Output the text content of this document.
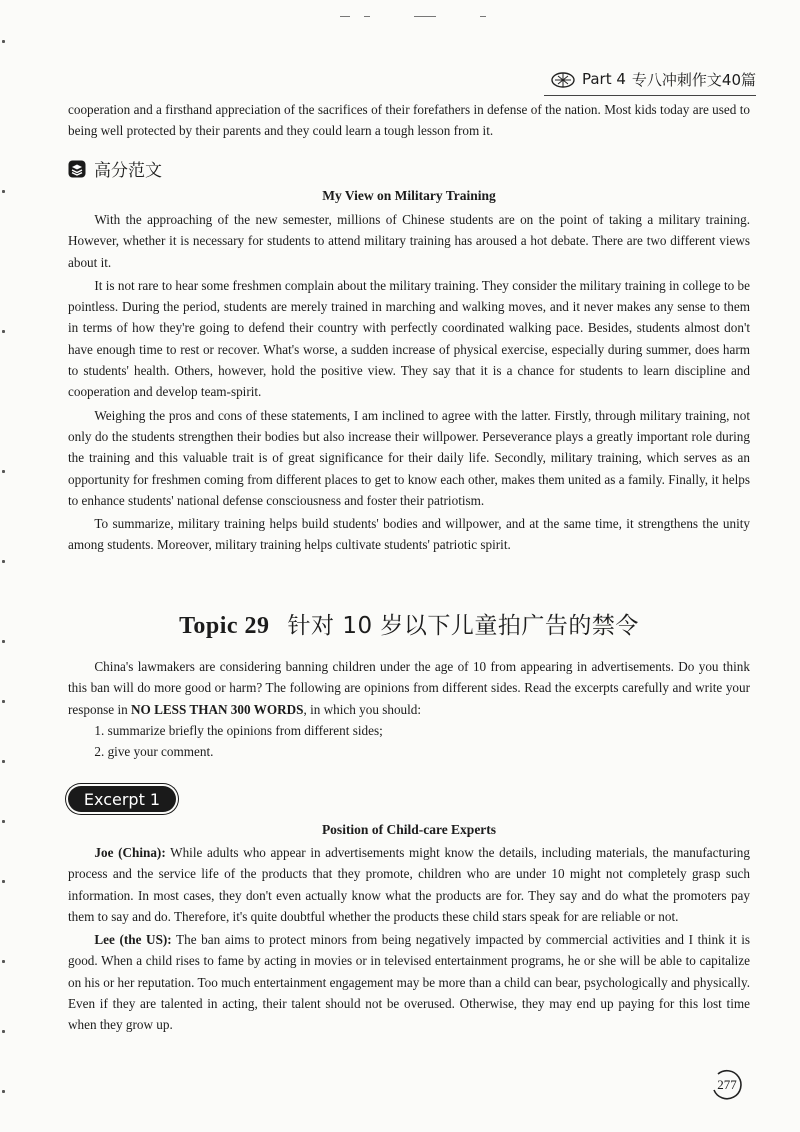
Part 4 专八冲刺作文40篇

cooperation and a firsthand appreciation of the sacrifices of their forefathers in defense of the nation. Most kids today are used to being well protected by their parents and they could learn a tough lesson from it.

高分范文
My View on Military Training

With the approaching of the new semester, millions of Chinese students are on the point of taking a military training. However, whether it is necessary for students to attend military training has aroused a hot debate. There are two different views about it.

It is not rare to hear some freshmen complain about the military training. They consider the military training in college to be pointless. During the period, students are merely trained in marching and walking moves, and it never makes any sense to them in terms of how they're going to defend their country with perfectly coordinated walking pace. Besides, students almost don't have enough time to rest or recover. What's worse, a sudden increase of physical exercise, especially during summer, does harm to students' health. Others, however, hold the positive view. They say that it is a chance for students to learn discipline and cooperation and develop team-spirit.

Weighing the pros and cons of these statements, I am inclined to agree with the latter. Firstly, through military training, not only do the students strengthen their bodies but also increase their willpower. Perseverance plays a greatly important role during the training and this valuable trait is of great significance for their daily life. Secondly, military training, which serves as an opportunity for freshmen coming from different places to get to know each other, makes them united as a family. Finally, it helps to enhance students' national defense consciousness and foster their patriotism.

To summarize, military training helps build students' bodies and willpower, and at the same time, it strengthens the unity among students. Moreover, military training helps cultivate students' patriotic spirit.

Topic 29 针对 10 岁以下儿童拍广告的禁令

China's lawmakers are considering banning children under the age of 10 from appearing in advertisements. Do you think this ban will do more good or harm? The following are opinions from different sides. Read the excerpts carefully and write your response in NO LESS THAN 300 WORDS, in which you should:

1. summarize briefly the opinions from different sides;

2. give your comment.

Excerpt 1
Position of Child-care Experts

Joe (China): While adults who appear in advertisements might know the details, including materials, the manufacturing process and the service life of the products that they promote, children who are under 10 might not completely grasp such information. In most cases, they don't even actually know what the products are for. They say and do what the promoters pay them to say and do. Therefore, it's quite doubtful whether the products these child stars speak for are reliable or not.

Lee (the US): The ban aims to protect minors from being negatively impacted by commercial activities and I think it is good. When a child rises to fame by acting in movies or in televised entertainment programs, he or she will be able to capitalize on his or her reputation. Too much entertainment engagement may be more than a child can bear, psychologically and physically. Even if they are talented in acting, their talent should not be overused. Otherwise, they may end up paying for this lost time when they grow up.

277
